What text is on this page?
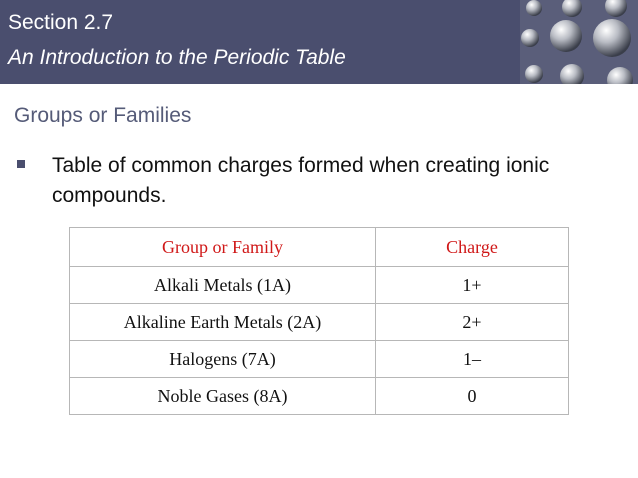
Section 2.7
An Introduction to the Periodic Table
Groups or Families
Table of common charges formed when creating ionic compounds.
Group or Family	Charge
Alkali Metals (1A)	1+
Alkaline Earth Metals (2A)	2+
Halogens (7A)	1–
Noble Gases (8A)	0
